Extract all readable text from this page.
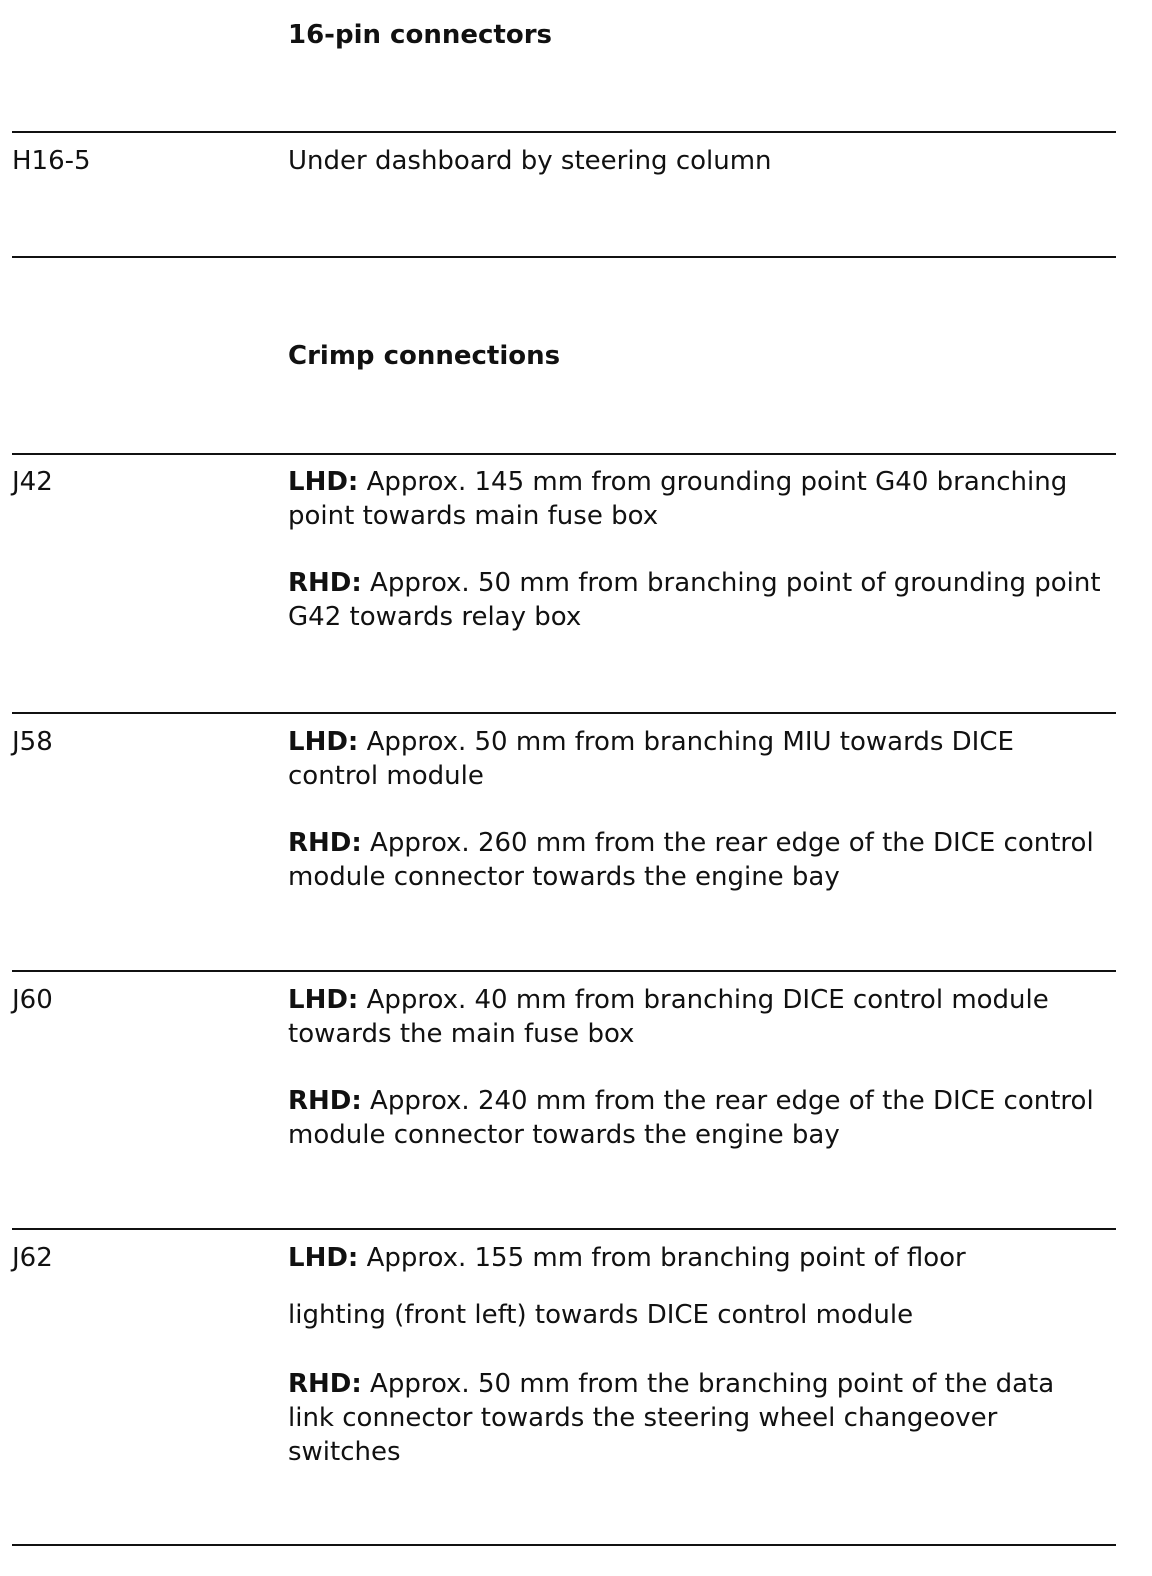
16-pin connectors
H16-5	Under dashboard by steering column

Crimp connections
J42	LHD: Approx. 145 mm from grounding point G40 branching point towards main fuse box

RHD: Approx. 50 mm from branching point of grounding point G42 towards relay box

J58	LHD: Approx. 50 mm from branching MIU towards DICE control module

RHD: Approx. 260 mm from the rear edge of the DICE control module connector towards the engine bay

J60	LHD: Approx. 40 mm from branching DICE control module towards the main fuse box

RHD: Approx. 240 mm from the rear edge of the DICE control module connector towards the engine bay

J62	LHD: Approx. 155 mm from branching point of floor

lighting (front left) towards DICE control module

RHD: Approx. 50 mm from the branching point of the data link connector towards the steering wheel changeover switches
